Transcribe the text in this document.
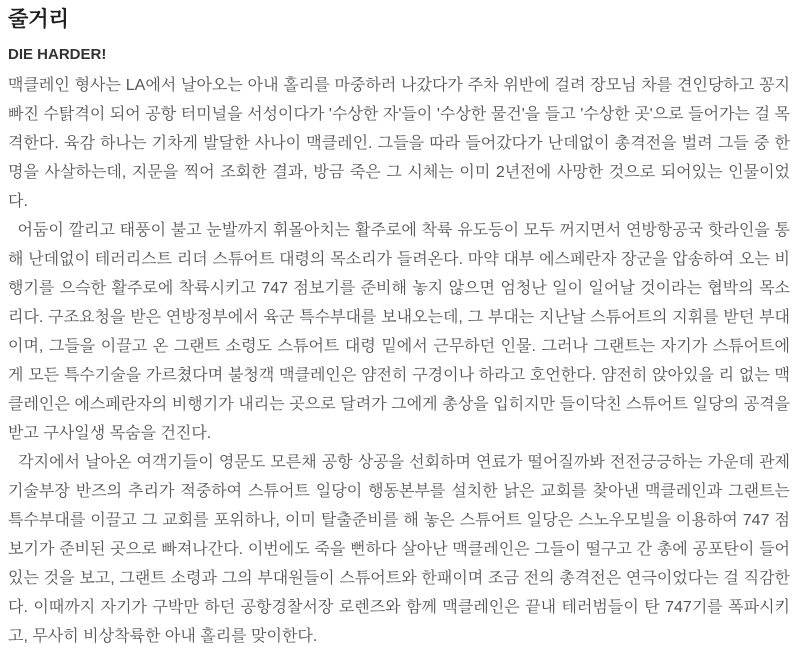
줄거리
DIE HARDER!

맥클레인 형사는 LA에서 날아오는 아내 홀리를 마중하러 나갔다가 주차 위반에 걸려 장모님 차를 견인당하고 꽁지 빠진 수탉격이 되어 공항 터미널을 서성이다가 '수상한 자'들이 '수상한 물건'을 들고 '수상한 곳'으로 들어가는 걸 목격한다. 육감 하나는 기차게 발달한 사나이 맥클레인. 그들을 따라 들어갔다가 난데없이 총격전을 벌려 그들 중 한명을 사살하는데, 지문을 찍어 조회한 결과, 방금 죽은 그 시체는 이미 2년전에 사망한 것으로 되어있는 인물이었다.

어둠이 깔리고 태풍이 불고 눈발까지 휘몰아치는 활주로에 착륙 유도등이 모두 꺼지면서 연방항공국 핫라인을 통해 난데없이 테러리스트 리더 스튜어트 대령의 목소리가 들려온다. 마약 대부 에스페란자 장군을 압송하여 오는 비행기를 으슥한 활주로에 착륙시키고 747 점보기를 준비해 놓지 않으면 엄청난 일이 일어날 것이라는 협박의 목소리다. 구조요청을 받은 연방정부에서 육군 특수부대를 보내오는데, 그 부대는 지난날 스튜어트의 지휘를 받던 부대이며, 그들을 이끌고 온 그랜트 소령도 스튜어트 대령 밑에서 근무하던 인물. 그러나 그랜트는 자기가 스튜어트에게 모든 특수기술을 가르쳤다며 불청객 맥클레인은 얌전히 구경이나 하라고 호언한다. 얌전히 앉아있을 리 없는 맥클레인은 에스페란자의 비행기가 내리는 곳으로 달려가 그에게 총상을 입히지만 들이닥친 스튜어트 일당의 공격을 받고 구사일생 목숨을 건진다.

각지에서 날아온 여객기들이 영문도 모른채 공항 상공을 선회하며 연료가 떨어질까봐 전전긍긍하는 가운데 관제기술부장 반즈의 추리가 적중하여 스튜어트 일당이 행동본부를 설치한 낡은 교회를 찾아낸 맥클레인과 그랜트는 특수부대를 이끌고 그 교회를 포위하나, 이미 탈출준비를 해 놓은 스튜어트 일당은 스노우모빌을 이용하여 747 점보기가 준비된 곳으로 빠져나간다. 이번에도 죽을 뻔하다 살아난 맥클레인은 그들이 떨구고 간 총에 공포탄이 들어있는 것을 보고, 그랜트 소령과 그의 부대원들이 스튜어트와 한패이며 조금 전의 총격전은 연극이었다는 걸 직감한다. 이때까지 자기가 구박만 하던 공항경찰서장 로렌즈와 함께 맥클레인은 끝내 테러범들이 탄 747기를 폭파시키고, 무사히 비상착륙한 아내 홀리를 맞이한다.
